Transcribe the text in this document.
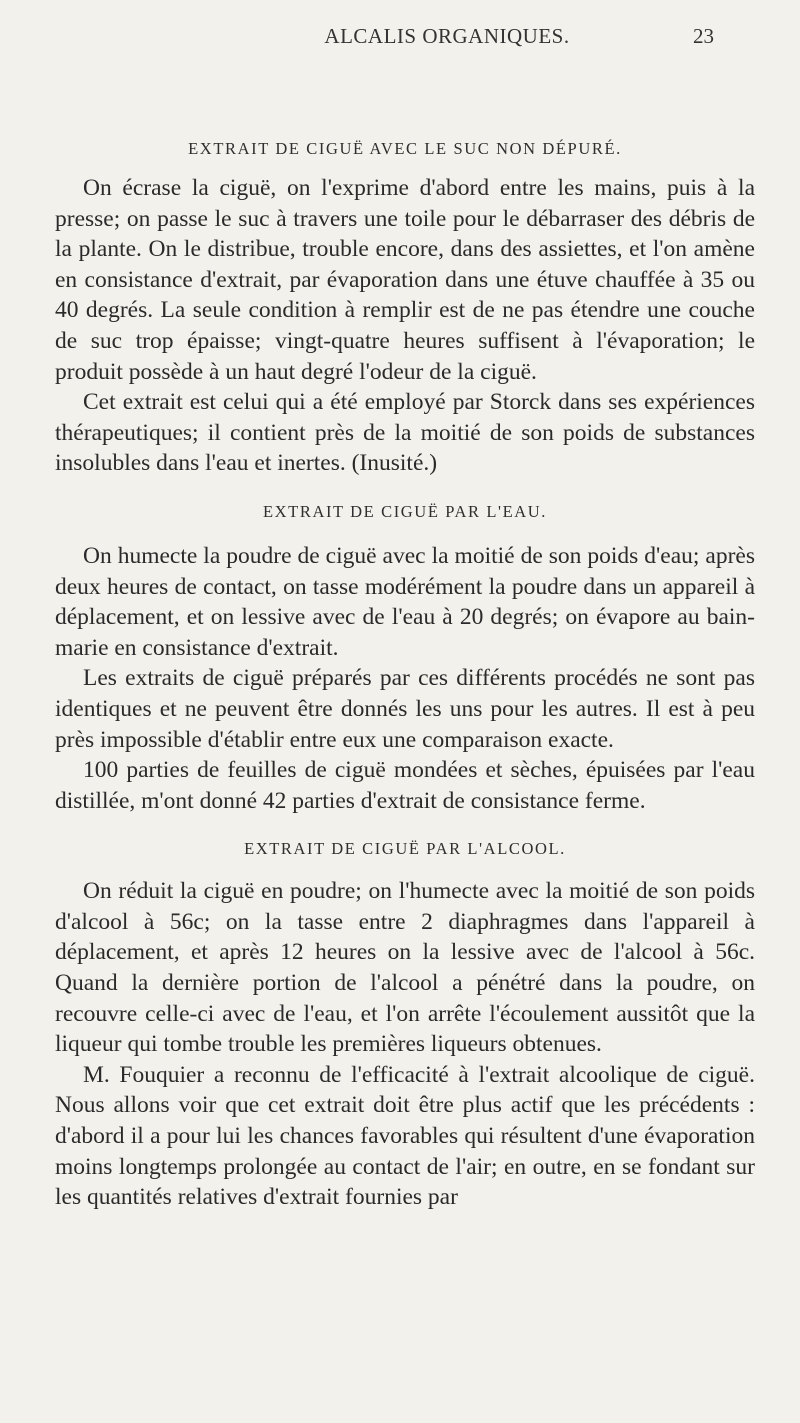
ALCALIS ORGANIQUES.	23
EXTRAIT DE CIGUË AVEC LE SUC NON DÉPURÉ.

On écrase la ciguë, on l'exprime d'abord entre les mains, puis à la presse; on passe le suc à travers une toile pour le débarraser des débris de la plante. On le distribue, trouble encore, dans des assiettes, et l'on amène en consistance d'extrait, par évaporation dans une étuve chauffée à 35 ou 40 degrés. La seule condition à remplir est de ne pas étendre une couche de suc trop épaisse; vingt-quatre heures suffisent à l'évaporation; le produit possède à un haut degré l'odeur de la ciguë.

Cet extrait est celui qui a été employé par Storck dans ses expériences thérapeutiques; il contient près de la moitié de son poids de substances insolubles dans l'eau et inertes. (Inusité.)

EXTRAIT DE CIGUË PAR L'EAU.

On humecte la poudre de ciguë avec la moitié de son poids d'eau; après deux heures de contact, on tasse modérément la poudre dans un appareil à déplacement, et on lessive avec de l'eau à 20 degrés; on évapore au bain-marie en consistance d'extrait.

Les extraits de ciguë préparés par ces différents procédés ne sont pas identiques et ne peuvent être donnés les uns pour les autres. Il est à peu près impossible d'établir entre eux une comparaison exacte.

100 parties de feuilles de ciguë mondées et sèches, épuisées par l'eau distillée, m'ont donné 42 parties d'extrait de consistance ferme.

EXTRAIT DE CIGUË PAR L'ALCOOL.

On réduit la ciguë en poudre; on l'humecte avec la moitié de son poids d'alcool à 56c; on la tasse entre 2 diaphragmes dans l'appareil à déplacement, et après 12 heures on la lessive avec de l'alcool à 56c. Quand la dernière portion de l'alcool a pénétré dans la poudre, on recouvre celle-ci avec de l'eau, et l'on arrête l'écoulement aussitôt que la liqueur qui tombe trouble les premières liqueurs obtenues.

M. Fouquier a reconnu de l'efficacité à l'extrait alcoolique de ciguë. Nous allons voir que cet extrait doit être plus actif que les précédents : d'abord il a pour lui les chances favorables qui résultent d'une évaporation moins longtemps prolongée au contact de l'air; en outre, en se fondant sur les quantités relatives d'extrait fournies par
